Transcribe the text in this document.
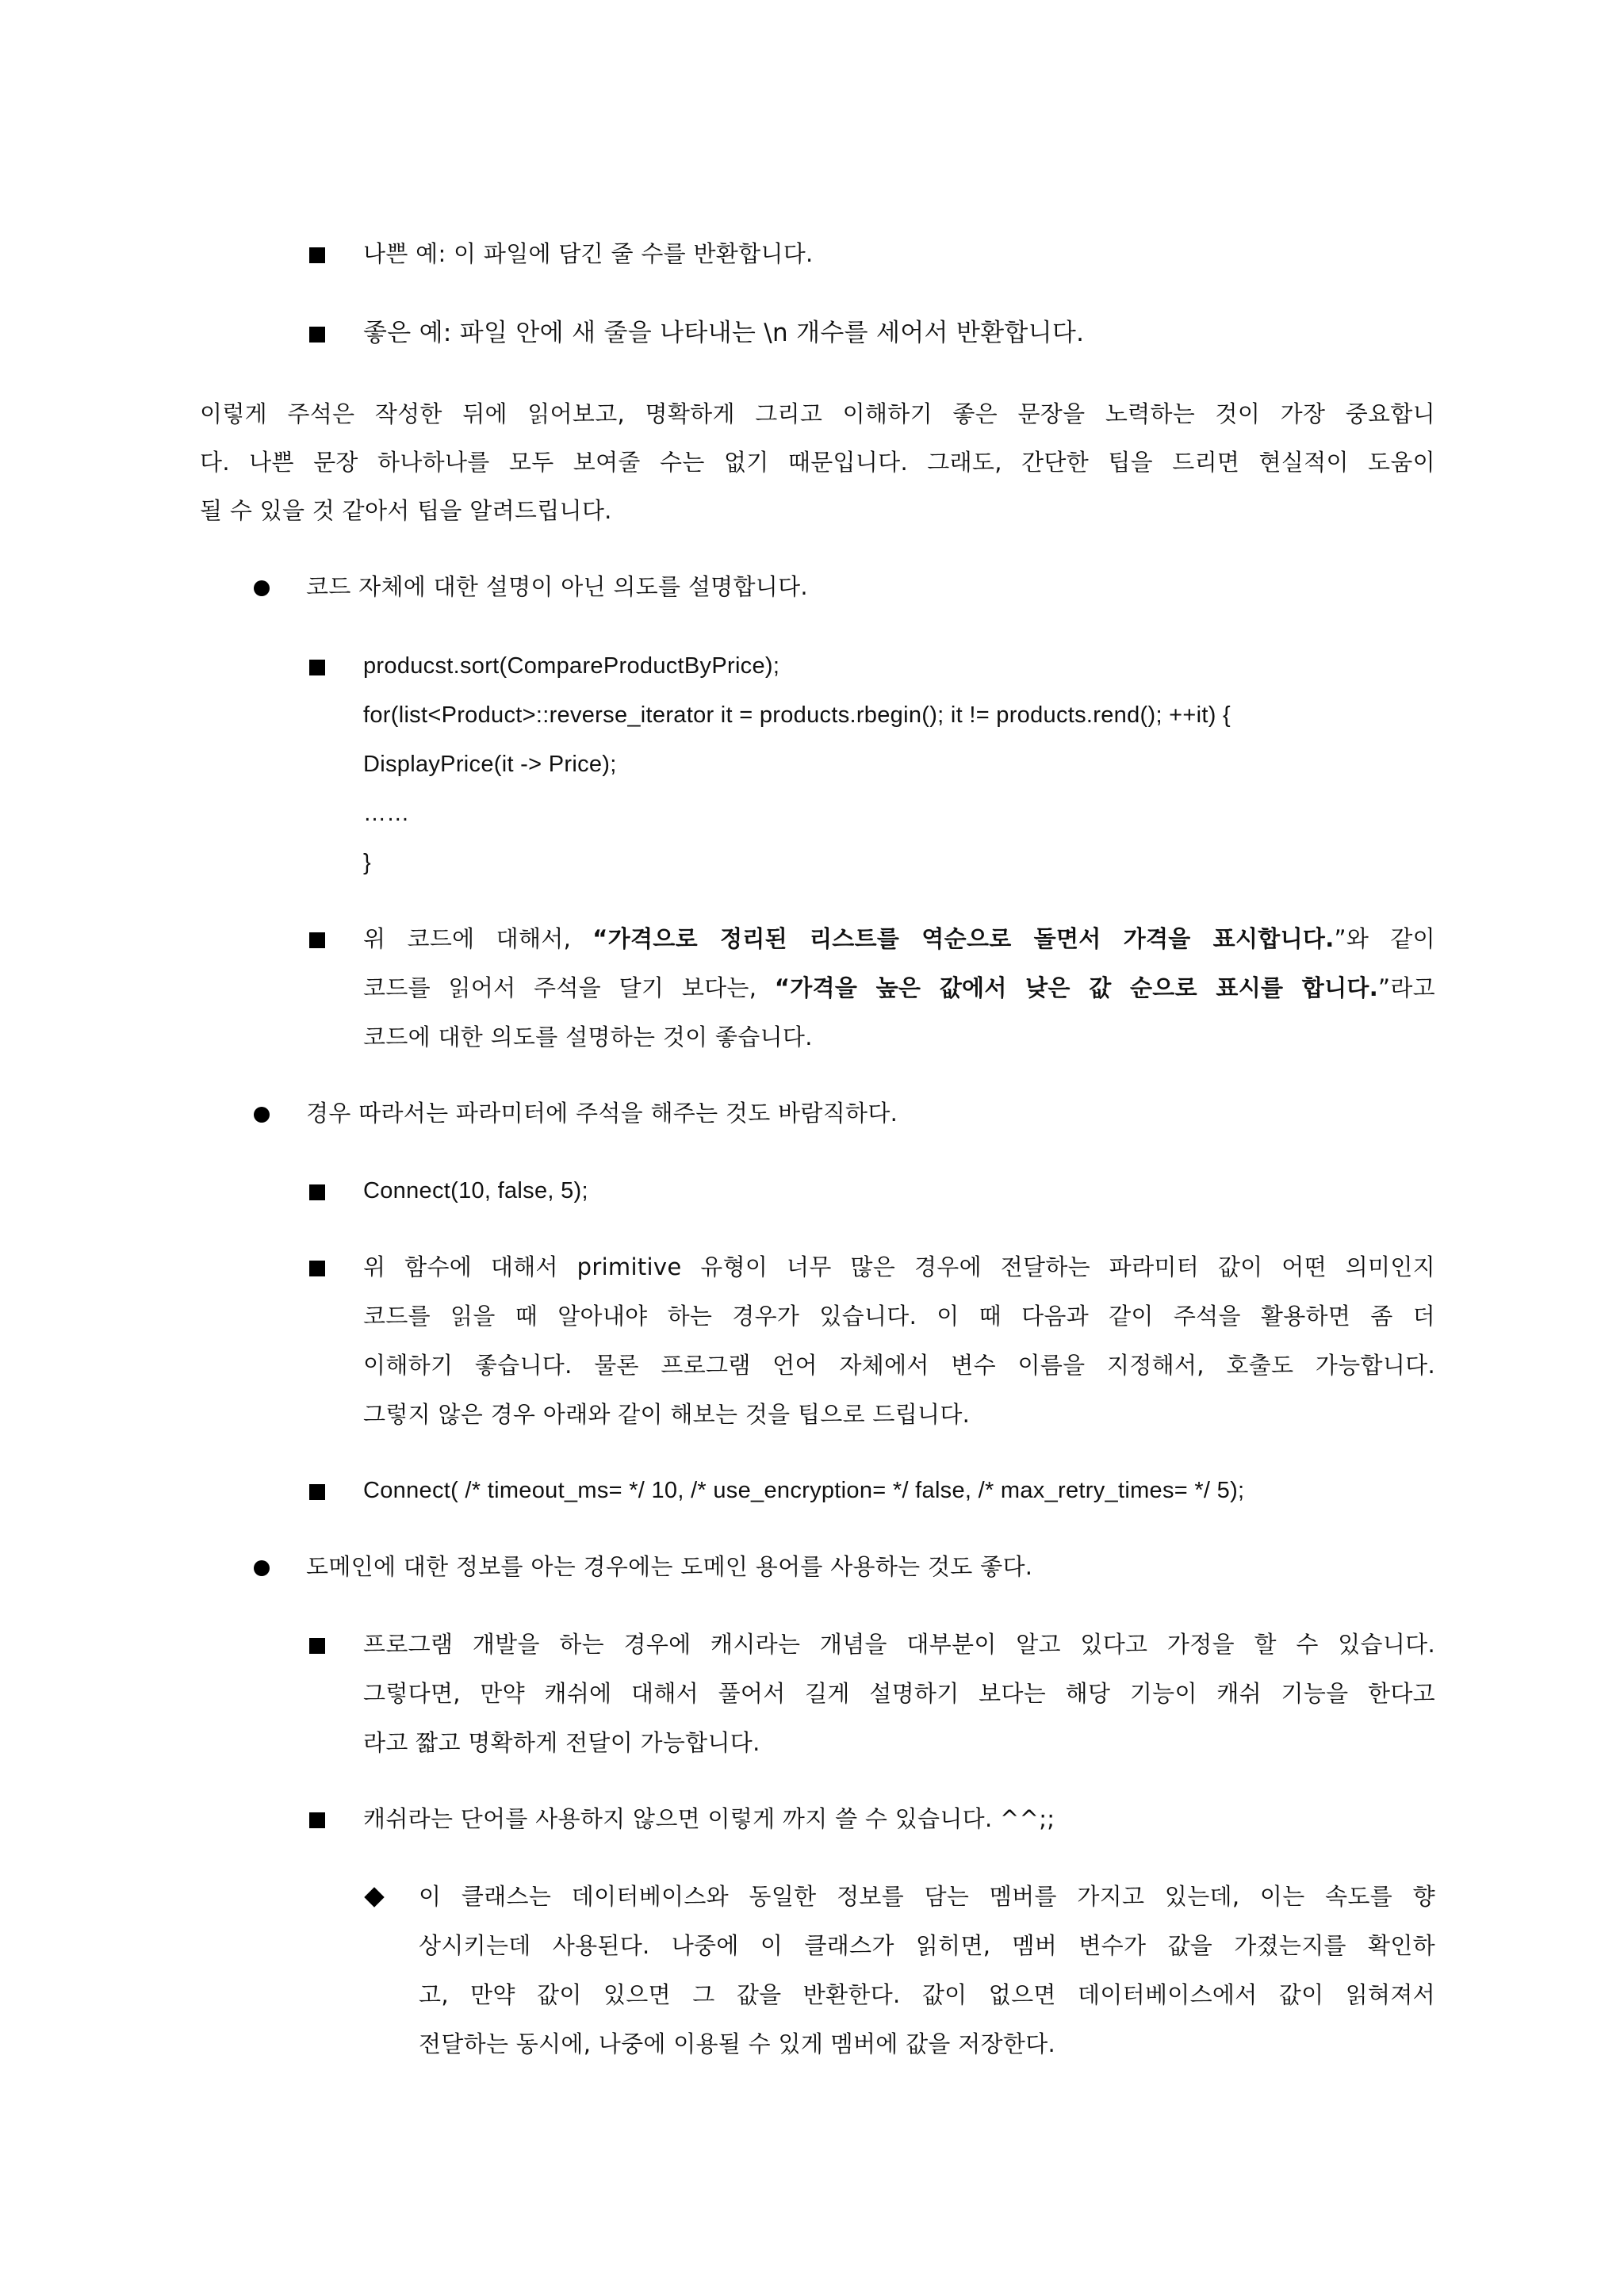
나쁜 예: 이 파일에 담긴 줄 수를 반환합니다.
좋은 예: 파일 안에 새 줄을 나타내는 \n 개수를 세어서 반환합니다.
이렇게 주석은 작성한 뒤에 읽어보고, 명확하게 그리고 이해하기 좋은 문장을 노력하는 것이 가장 중요합니
다. 나쁜 문장 하나하나를 모두 보여줄 수는 없기 때문입니다. 그래도, 간단한 팁을 드리면 현실적이 도움이
될 수 있을 것 같아서 팁을 알려드립니다.
코드 자체에 대한 설명이 아닌 의도를 설명합니다.
producst.sort(CompareProductByPrice);
for(list<Product>::reverse_iterator it = products.rbegin(); it != products.rend(); ++it) {
DisplayPrice(it -> Price);
……
}
위 코드에 대해서, “가격으로 정리된 리스트를 역순으로 돌면서 가격을 표시합니다.”와 같이
코드를 읽어서 주석을 달기 보다는, “가격을 높은 값에서 낮은 값 순으로 표시를 합니다.”라고
코드에 대한 의도를 설명하는 것이 좋습니다.
경우 따라서는 파라미터에 주석을 해주는 것도 바람직하다.
Connect(10, false, 5);
위 함수에 대해서 primitive 유형이 너무 많은 경우에 전달하는 파라미터 값이 어떤 의미인지
코드를 읽을 때 알아내야 하는 경우가 있습니다. 이 때 다음과 같이 주석을 활용하면 좀 더
이해하기 좋습니다. 물론 프로그램 언어 자체에서 변수 이름을 지정해서, 호출도 가능합니다.
그렇지 않은 경우 아래와 같이 해보는 것을 팁으로 드립니다.
Connect( /* timeout_ms= */ 10, /* use_encryption= */ false, /* max_retry_times= */ 5);
도메인에 대한 정보를 아는 경우에는 도메인 용어를 사용하는 것도 좋다.
프로그램 개발을 하는 경우에 캐시라는 개념을 대부분이 알고 있다고 가정을 할 수 있습니다.
그렇다면, 만약 캐쉬에 대해서 풀어서 길게 설명하기 보다는 해당 기능이 캐쉬 기능을 한다고
라고 짧고 명확하게 전달이 가능합니다.
캐쉬라는 단어를 사용하지 않으면 이렇게 까지 쓸 수 있습니다. ^^;;
이 클래스는 데이터베이스와 동일한 정보를 담는 멤버를 가지고 있는데, 이는 속도를 향
상시키는데 사용된다. 나중에 이 클래스가 읽히면, 멤버 변수가 값을 가졌는지를 확인하
고, 만약 값이 있으면 그 값을 반환한다. 값이 없으면 데이터베이스에서 값이 읽혀져서
전달하는 동시에, 나중에 이용될 수 있게 멤버에 값을 저장한다.
